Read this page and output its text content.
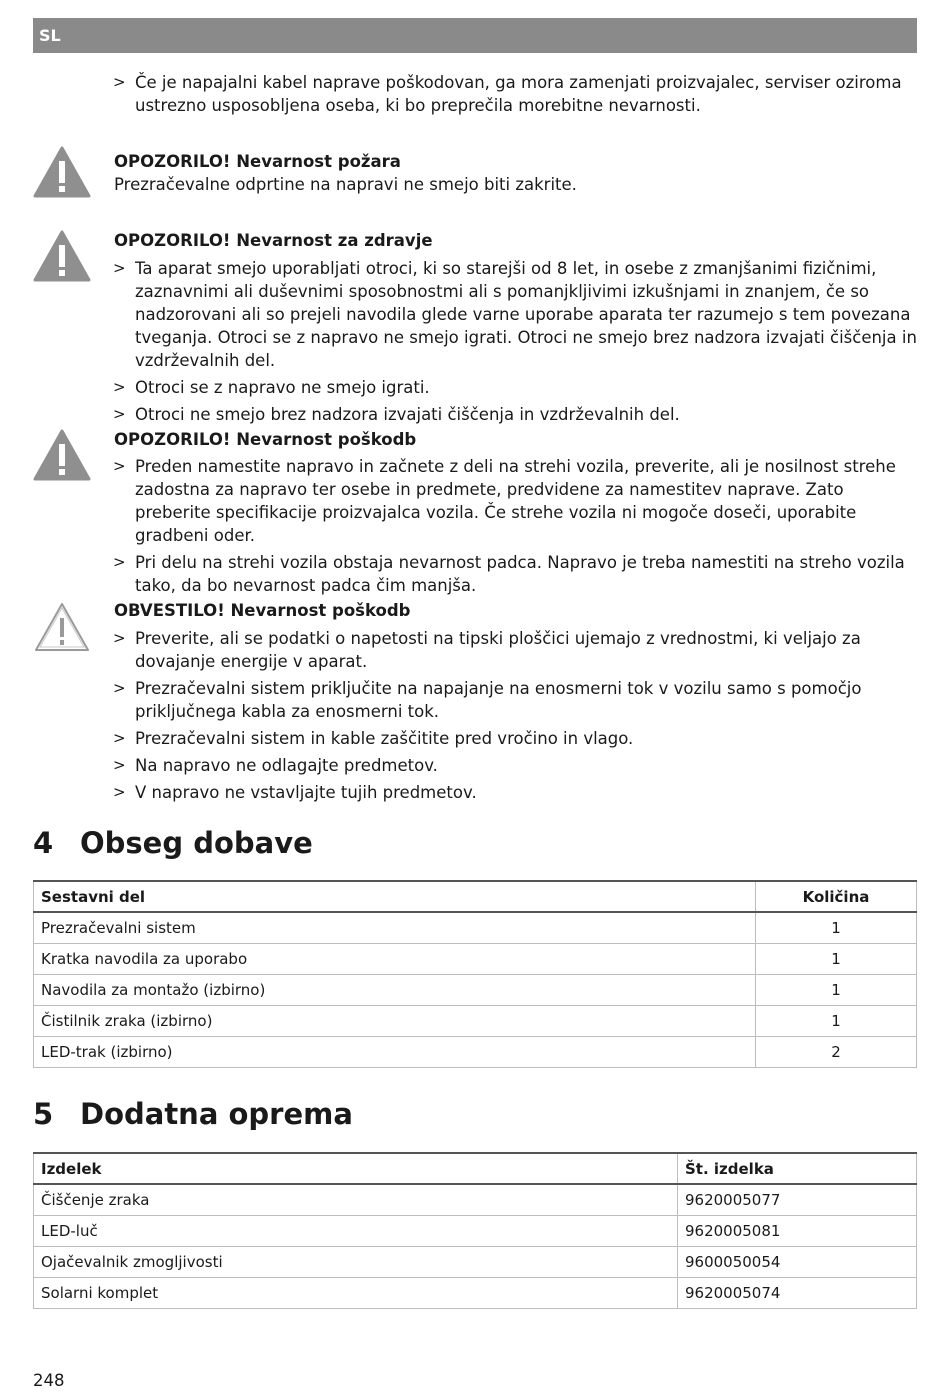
SL
> Če je napajalni kabel naprave poškodovan, ga mora zamenjati proizvajalec, serviser oziroma ustrezno usposobljena oseba, ki bo preprečila morebitne nevarnosti.
OPOZORILO! Nevarnost požara
Prezračevalne odprtine na napravi ne smejo biti zakrite.
OPOZORILO! Nevarnost za zdravje
> Ta aparat smejo uporabljati otroci, ki so starejši od 8 let, in osebe z zmanjšanimi fizičnimi, zaznavnimi ali duševnimi sposobnostmi ali s pomanjkljivimi izkušnjami in znanjem, če so nadzorovani ali so prejeli navodila glede varne uporabe aparata ter razumejo s tem povezana tveganja. Otroci se z napravo ne smejo igrati. Otroci ne smejo brez nadzora izvajati čiščenja in vzdrževalnih del.
> Otroci se z napravo ne smejo igrati.
> Otroci ne smejo brez nadzora izvajati čiščenja in vzdrževalnih del.
OPOZORILO! Nevarnost poškodb
> Preden namestite napravo in začnete z deli na strehi vozila, preverite, ali je nosilnost strehe zadostna za napravo ter osebe in predmete, predvidene za namestitev naprave. Zato preberite specifikacije proizvajalca vozila. Če strehe vozila ni mogoče doseči, uporabite gradbeni oder.
> Pri delu na strehi vozila obstaja nevarnost padca. Napravo je treba namestiti na streho vozila tako, da bo nevarnost padca čim manjša.
OBVESTILO! Nevarnost poškodb
> Preverite, ali se podatki o napetosti na tipski ploščici ujemajo z vrednostmi, ki veljajo za dovajanje energije v aparat.
> Prezračevalni sistem priključite na napajanje na enosmerni tok v vozilu samo s pomočjo priključnega kabla za enosmerni tok.
> Prezračevalni sistem in kable zaščitite pred vročino in vlago.
> Na napravo ne odlagajte predmetov.
> V napravo ne vstavljajte tujih predmetov.
4 Obseg dobave
Sestavni del	Količina
Prezračevalni sistem	1
Kratka navodila za uporabo	1
Navodila za montažo (izbirno)	1
Čistilnik zraka (izbirno)	1
LED-trak (izbirno)	2
5 Dodatna oprema
Izdelek	Št. izdelka
Čiščenje zraka	9620005077
LED-luč	9620005081
Ojačevalnik zmogljivosti	9600050054
Solarni komplet	9620005074
248
